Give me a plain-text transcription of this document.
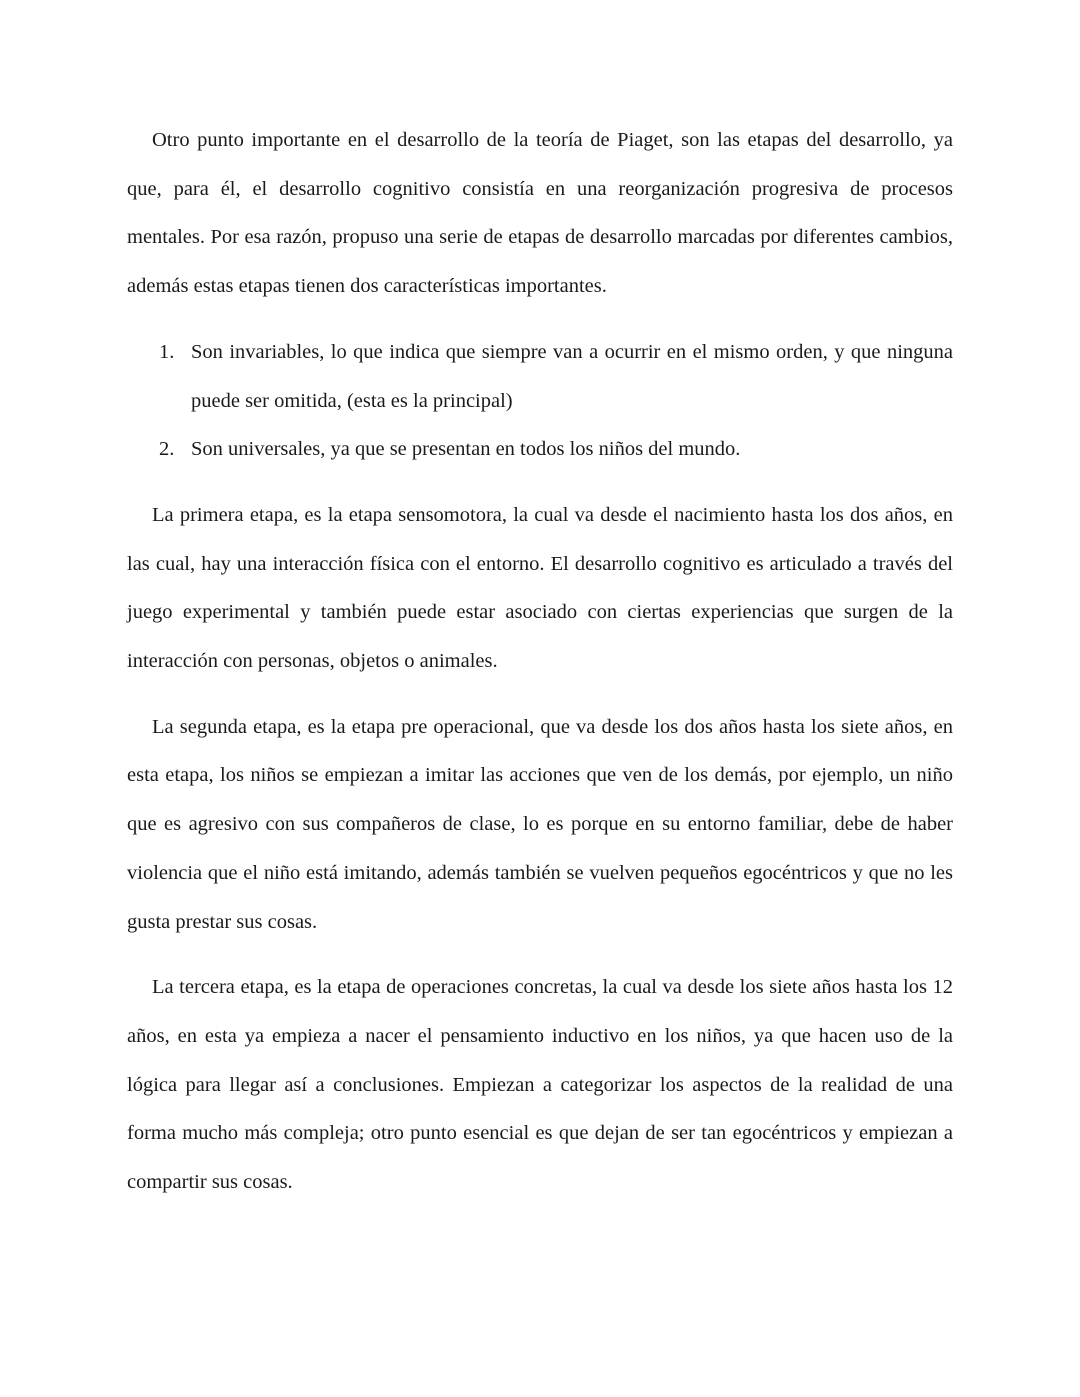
Otro punto importante en el desarrollo de la teoría de Piaget, son las etapas del desarrollo, ya que, para él, el desarrollo cognitivo consistía en una reorganización progresiva de procesos mentales. Por esa razón, propuso una serie de etapas de desarrollo marcadas por diferentes cambios, además estas etapas tienen dos características importantes.

1. Son invariables, lo que indica que siempre van a ocurrir en el mismo orden, y que ninguna puede ser omitida, (esta es la principal)
2. Son universales, ya que se presentan en todos los niños del mundo.

La primera etapa, es la etapa sensomotora, la cual va desde el nacimiento hasta los dos años, en las cual, hay una interacción física con el entorno. El desarrollo cognitivo es articulado a través del juego experimental y también puede estar asociado con ciertas experiencias que surgen de la interacción con personas, objetos o animales.

La segunda etapa, es la etapa pre operacional, que va desde los dos años hasta los siete años, en esta etapa, los niños se empiezan a imitar las acciones que ven de los demás, por ejemplo, un niño que es agresivo con sus compañeros de clase, lo es porque en su entorno familiar, debe de haber violencia que el niño está imitando, además también se vuelven pequeños egocéntricos y que no les gusta prestar sus cosas.

La tercera etapa, es la etapa de operaciones concretas, la cual va desde los siete años hasta los 12 años, en esta ya empieza a nacer el pensamiento inductivo en los niños, ya que hacen uso de la lógica para llegar así a conclusiones. Empiezan a categorizar los aspectos de la realidad de una forma mucho más compleja; otro punto esencial es que dejan de ser tan egocéntricos y empiezan a compartir sus cosas.
